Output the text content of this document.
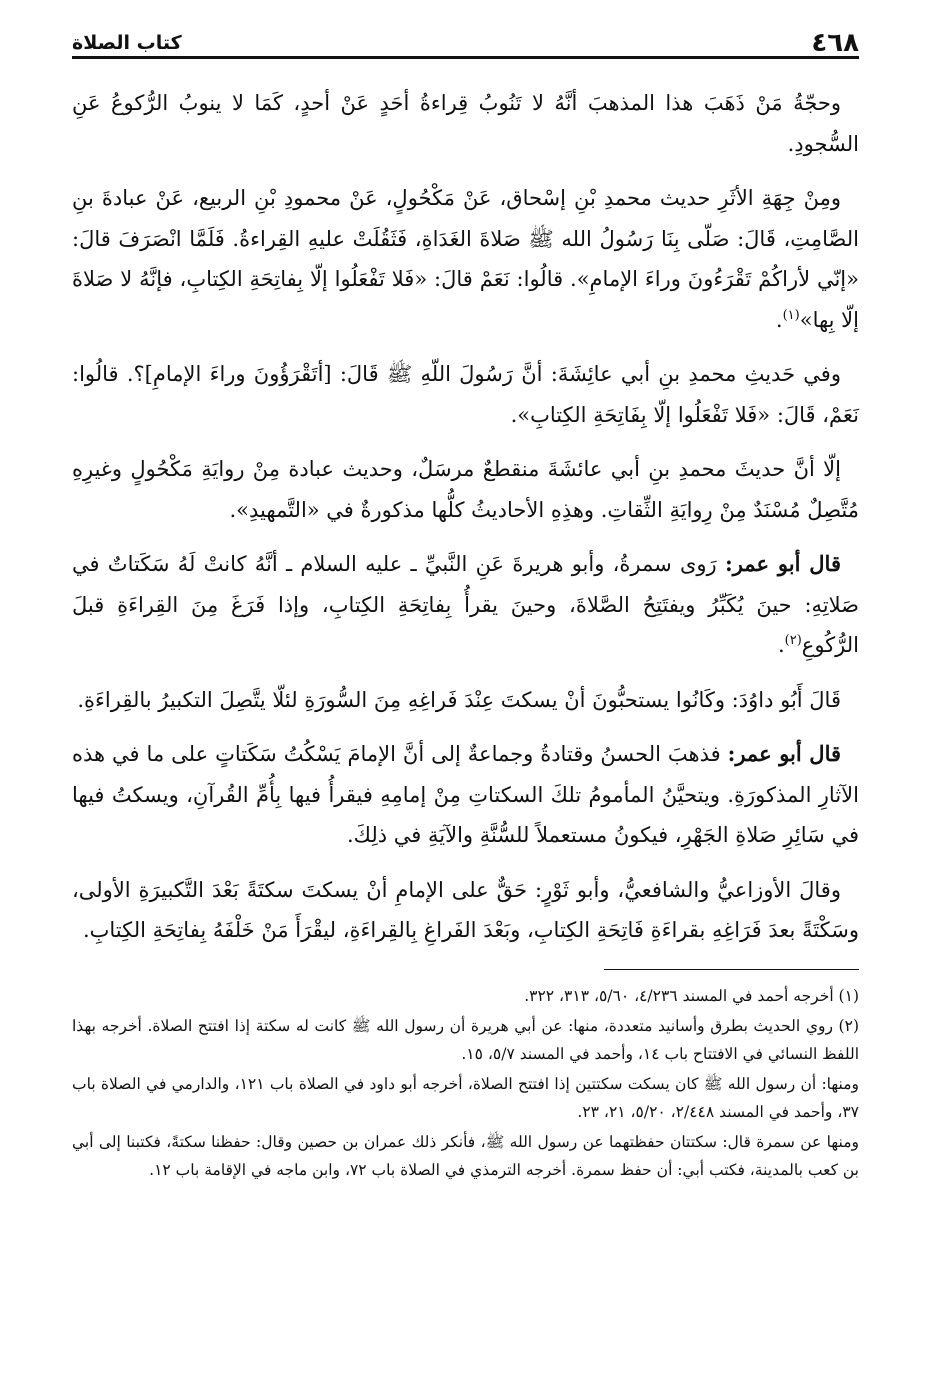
٤٦٨
كتاب الصلاة

وحجّةُ مَنْ ذَهَبَ هذا المذهبَ أنَّهُ لا تَنُوبُ قِراءةُ أحَدٍ عَنْ أحدٍ، كَمَا لا ينوبُ الرُّكوعُ عَنِ السُّجودِ.

ومِنْ جِهَةِ الأثَرِ حديث محمدِ بْنِ إسْحاق، عَنْ مَكْحُولٍ، عَنْ محمودِ بْنِ الربيع، عَنْ عبادةَ بنِ الصَّامِتِ، قَالَ: صَلّى بِنَا رَسُولُ الله ﷺ صَلاةَ الغَدَاةِ، فَثَقُلَتْ عليهِ القِراءةُ. فَلَمَّا انْصَرَفَ قالَ: «إنّي لأراكُمْ تَقْرَءُونَ وراءَ الإمامِ». قالُوا: نَعَمْ قالَ: «فَلا تَفْعَلُوا إلّا بِفاتِحَةِ الكِتابِ، فإنَّهُ لا صَلاةَ إلّا بِها»$^{(١)}$.

وفي حَديثِ محمدِ بنِ أبي عائِشَةَ: أنَّ رَسُولَ اللّهِ ﷺ قَالَ: [أتَقْرَؤُونَ وراءَ الإمامِ]؟. قالُوا: نَعَمْ، قَالَ: «فَلا تَفْعَلُوا إلّا بِفَاتِحَةِ الكِتابِ».

إلّا أنَّ حديثَ محمدِ بنِ أبي عائشَةَ منقطعٌ مرسَلٌ، وحديث عبادة مِنْ روايَةِ مَكْحُولٍ وغيرِهِ مُتَّصِلٌ مُسْنَدٌ مِنْ رِوايَةِ الثِّقاتِ. وهذِهِ الأحاديثُ كلُّها مذكورةٌ في «التَّمهيدِ».

قال أبو عمر: رَوى سمرةُ، وأبو هريرةَ عَنِ النَّبيِّ ـ عليه السلام ـ أنَّهُ كانتْ لَهُ سَكَتاتٌ في صَلاتِهِ: حينَ يُكَبِّرُ ويفتَتِحُ الصَّلاةَ، وحينَ يقرأُ بِفاتِحَةِ الكِتابِ، وإذا فَرَغَ مِنَ القِراءَةِ قبلَ الرُّكُوعِ$^{(٢)}$.

قَالَ أَبُو داوُدَ: وكَانُوا يستحبُّونَ أنْ يسكتَ عِنْدَ فَراغِهِ مِنَ السُّورَةِ لئلّا يتَّصِلَ التكبيرُ بالقِراءَةِ.

قال أبو عمر: فذهبَ الحسنُ وقتادةُ وجماعةٌ إلى أنَّ الإمامَ يَسْكُتُ سَكَتاتٍ على ما في هذه الآثارِ المذكورَةِ. ويتحيَّنُ المأمومُ تلكَ السكتاتِ مِنْ إمامِهِ فيقرأُ فيها بِأُمِّ القُرآنِ، ويسكتُ فيها في سَائِرِ صَلاةِ الجَهْرِ، فيكونُ مستعملاً للسُّنَّةِ والآيَةِ في ذلِكَ.

وقالَ الأوزاعيُّ والشافعيُّ، وأبو ثَوْرٍ: حَقٌّ على الإمامِ أنْ يسكتَ سكتَةً بَعْدَ التَّكبيرَةِ الأولى، وسَكْتَةً بعدَ فَرَاغِهِ بقراءَةِ فَاتِحَةِ الكِتابِ، وبَعْدَ الفَراغِ بِالقِراءَةِ، ليقْرَأَ مَنْ خَلْفَهُ بِفاتِحَةِ الكِتابِ.

(١) أخرجه أحمد في المسند ٤/٢٣٦، ٥/٦٠، ٣١٣، ٣٢٢.

(٢) روي الحديث بطرق وأسانيد متعددة، منها: عن أبي هريرة أن رسول الله ﷺ كانت له سكتة إذا افتتح الصلاة. أخرجه بهذا اللفظ النسائي في الافتتاح باب ١٤، وأحمد في المسند ٥/٧، ١٥.

ومنها: أن رسول الله ﷺ كان يسكت سكتتين إذا افتتح الصلاة، أخرجه أبو داود في الصلاة باب ١٢١، والدارمي في الصلاة باب ٣٧، وأحمد في المسند ٢/٤٤٨، ٥/٢٠، ٢١، ٢٣.

ومنها عن سمرة قال: سكتتان حفظتهما عن رسول الله ﷺ، فأنكر ذلك عمران بن حصين وقال: حفظنا سكتةً، فكتبنا إلى أبي بن كعب بالمدينة، فكتب أبي: أن حفظ سمرة. أخرجه الترمذي في الصلاة باب ٧٢، وابن ماجه في الإقامة باب ١٢.
